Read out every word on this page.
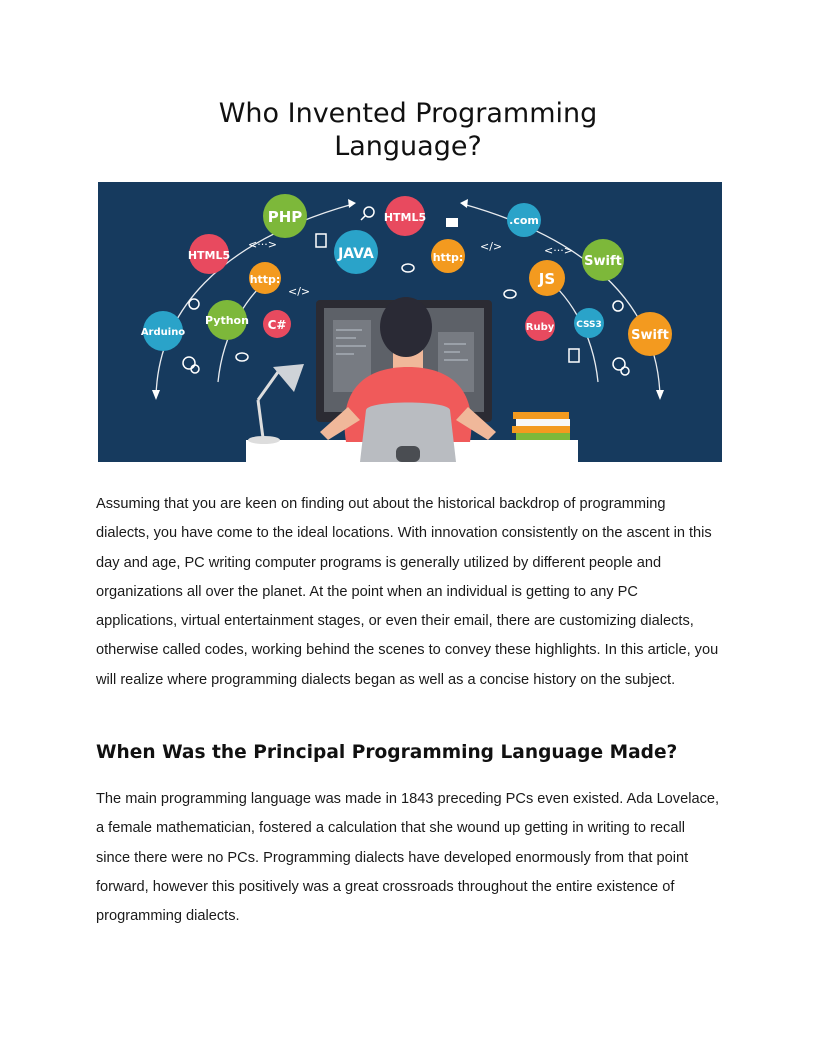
Who Invented Programming Language?
PHP
HTML5	JAVA
HTML5
http:
http:
Python C#
Arduino
.com
Swift
JS
CSS3
Ruby
Swift
<···>
</>
</>	<···>

Assuming that you are keen on finding out about the historical backdrop of programming dialects, you have come to the ideal locations. With innovation consistently on the ascent in this day and age, PC writing computer programs is generally utilized by different people and organizations all over the planet. At the point when an individual is getting to any PC applications, virtual entertainment stages, or even their email, there are customizing dialects, otherwise called codes, working behind the scenes to convey these highlights. In this article, you will realize where programming dialects began as well as a concise history on the subject.

When Was the Principal Programming Language Made?

The main programming language was made in 1843 preceding PCs even existed. Ada Lovelace, a female mathematician, fostered a calculation that she wound up getting in writing to recall since there were no PCs. Programming dialects have developed enormously from that point forward, however this positively was a great crossroads throughout the entire existence of programming dialects.
